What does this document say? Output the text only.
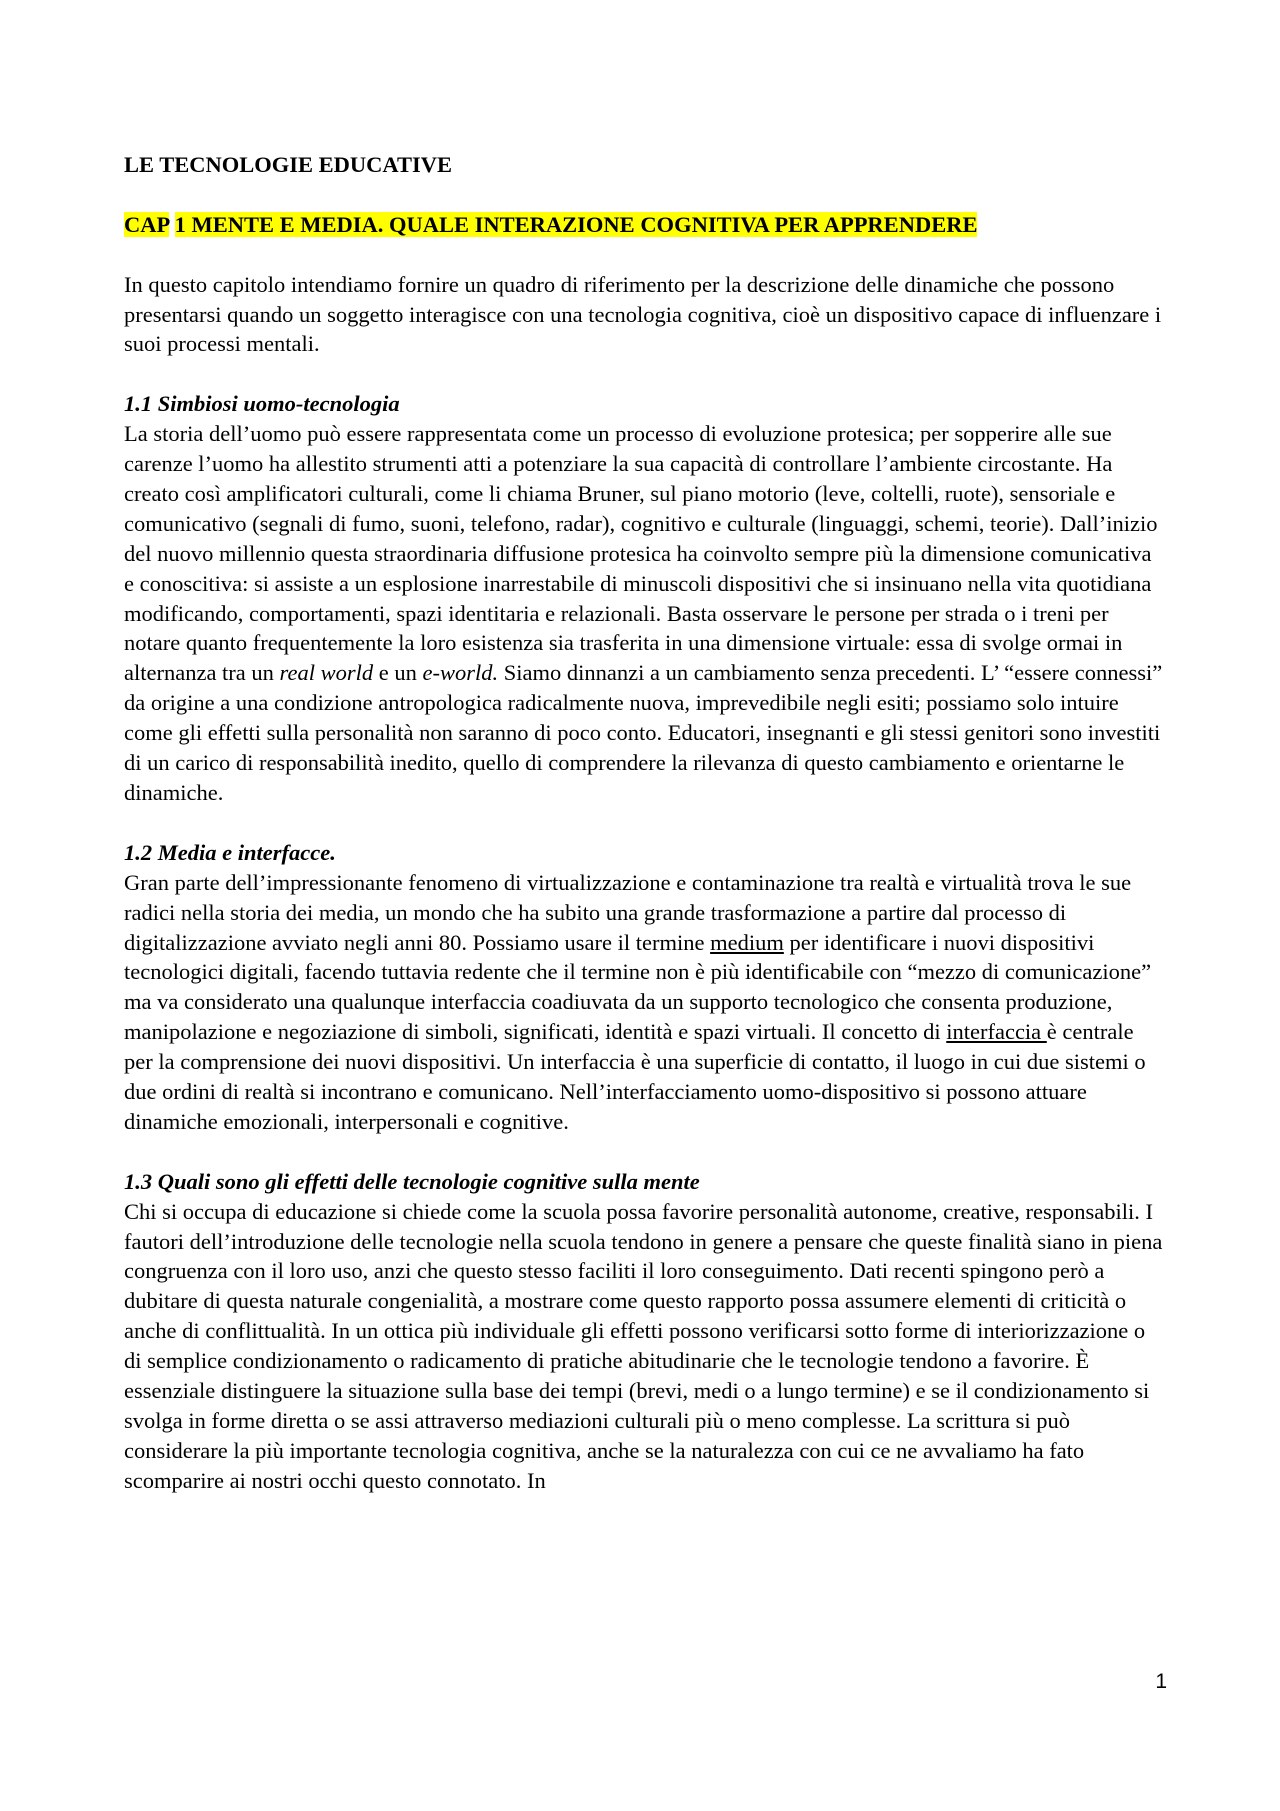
LE TECNOLOGIE EDUCATIVE
CAP 1 MENTE E MEDIA. QUALE INTERAZIONE COGNITIVA PER APPRENDERE

In questo capitolo intendiamo fornire un quadro di riferimento per la descrizione delle dinamiche che possono presentarsi quando un soggetto interagisce con una tecnologia cognitiva, cioè un dispositivo capace di influenzare i suoi processi mentali.

1.1 Simbiosi uomo-tecnologia

La storia dell’uomo può essere rappresentata come un processo di evoluzione protesica; per sopperire alle sue carenze l’uomo ha allestito strumenti atti a potenziare la sua capacità di controllare l’ambiente circostante. Ha creato così amplificatori culturali, come li chiama Bruner, sul piano motorio (leve, coltelli, ruote), sensoriale e comunicativo (segnali di fumo, suoni, telefono, radar), cognitivo e culturale (linguaggi, schemi, teorie). Dall’inizio del nuovo millennio questa straordinaria diffusione protesica ha coinvolto sempre più la dimensione comunicativa e conoscitiva: si assiste a un esplosione inarrestabile di minuscoli dispositivi che si insinuano nella vita quotidiana modificando, comportamenti, spazi identitaria e relazionali. Basta osservare le persone per strada o i treni per notare quanto frequentemente la loro esistenza sia trasferita in una dimensione virtuale: essa di svolge ormai in alternanza tra un real world e un e-world. Siamo dinnanzi a un cambiamento senza precedenti. L’ “essere connessi” da origine a una condizione antropologica radicalmente nuova, imprevedibile negli esiti; possiamo solo intuire come gli effetti sulla personalità non saranno di poco conto. Educatori, insegnanti e gli stessi genitori sono investiti di un carico di responsabilità inedito, quello di comprendere la rilevanza di questo cambiamento e orientarne le dinamiche.

1.2 Media e interfacce.

Gran parte dell’impressionante fenomeno di virtualizzazione e contaminazione tra realtà e virtualità trova le sue radici nella storia dei media, un mondo che ha subito una grande trasformazione a partire dal processo di digitalizzazione avviato negli anni 80. Possiamo usare il termine medium per identificare i nuovi dispositivi tecnologici digitali, facendo tuttavia redente che il termine non è più identificabile con “mezzo di comunicazione” ma va considerato una qualunque interfaccia coadiuvata da un supporto tecnologico che consenta produzione, manipolazione e negoziazione di simboli, significati, identità e spazi virtuali. Il concetto di interfaccia è centrale per la comprensione dei nuovi dispositivi. Un interfaccia è una superficie di contatto, il luogo in cui due sistemi o due ordini di realtà si incontrano e comunicano. Nell’interfacciamento uomo-dispositivo si possono attuare dinamiche emozionali, interpersonali e cognitive.

1.3 Quali sono gli effetti delle tecnologie cognitive sulla mente

Chi si occupa di educazione si chiede come la scuola possa favorire personalità autonome, creative, responsabili. I fautori dell’introduzione delle tecnologie nella scuola tendono in genere a pensare che queste finalità siano in piena congruenza con il loro uso, anzi che questo stesso faciliti il loro conseguimento. Dati recenti spingono però a dubitare di questa naturale congenialità, a mostrare come questo rapporto possa assumere elementi di criticità o anche di conflittualità. In un ottica più individuale gli effetti possono verificarsi sotto forme di interiorizzazione o di semplice condizionamento o radicamento di pratiche abitudinarie che le tecnologie tendono a favorire. È essenziale distinguere la situazione sulla base dei tempi (brevi, medi o a lungo termine) e se il condizionamento si svolga in forme diretta o se assi attraverso mediazioni culturali più o meno complesse. La scrittura si può considerare la più importante tecnologia cognitiva, anche se la naturalezza con cui ce ne avvaliamo ha fato scomparire ai nostri occhi questo connotato. In

1
